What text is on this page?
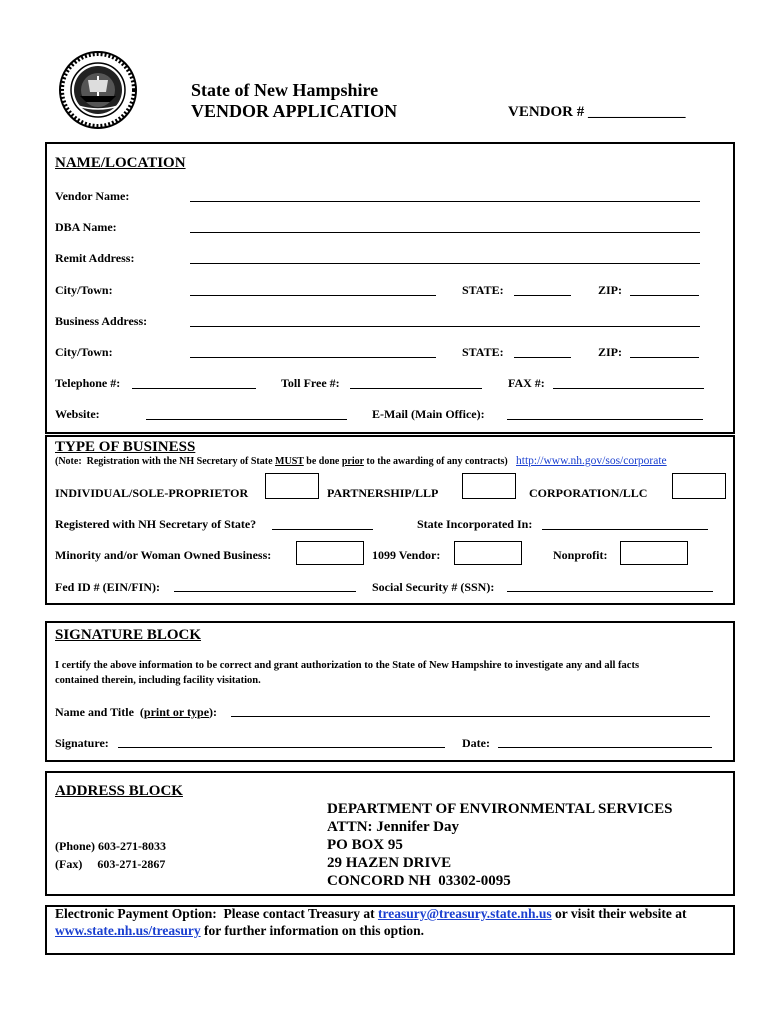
State of New Hampshire
VENDOR APPLICATION	VENDOR # _____________
NAME/LOCATION
Vendor Name:
DBA Name:
Remit Address:
City/Town:	STATE:	ZIP:
Business Address:
City/Town:	STATE:	ZIP:
Telephone #:	Toll Free #:	FAX #:
Website:	E-Mail (Main Office):
TYPE OF BUSINESS
(Note:  Registration with the NH Secretary of State MUST be done prior to the awarding of any contracts) http://www.nh.gov/sos/corporate
INDIVIDUAL/SOLE-PROPRIETOR	PARTNERSHIP/LLP	CORPORATION/LLC
Registered with NH Secretary of State?	State Incorporated In:
Minority and/or Woman Owned Business:	1099 Vendor:	Nonprofit:
Fed ID # (EIN/FIN):	Social Security # (SSN):
SIGNATURE BLOCK
I certify the above information to be correct and grant authorization to the State of New Hampshire to investigate any and all facts
contained therein, including facility visitation.
Name and Title  (print or type):
Signature:	Date:
ADDRESS BLOCK
(Phone) 603-271-8033
(Fax)     603-271-2867
DEPARTMENT OF ENVIRONMENTAL SERVICES
ATTN: Jennifer Day
PO BOX 95
29 HAZEN DRIVE
CONCORD NH  03302-0095
Electronic Payment Option:  Please contact Treasury at treasury@treasury.state.nh.us or visit their website at
www.state.nh.us/treasury for further information on this option.
